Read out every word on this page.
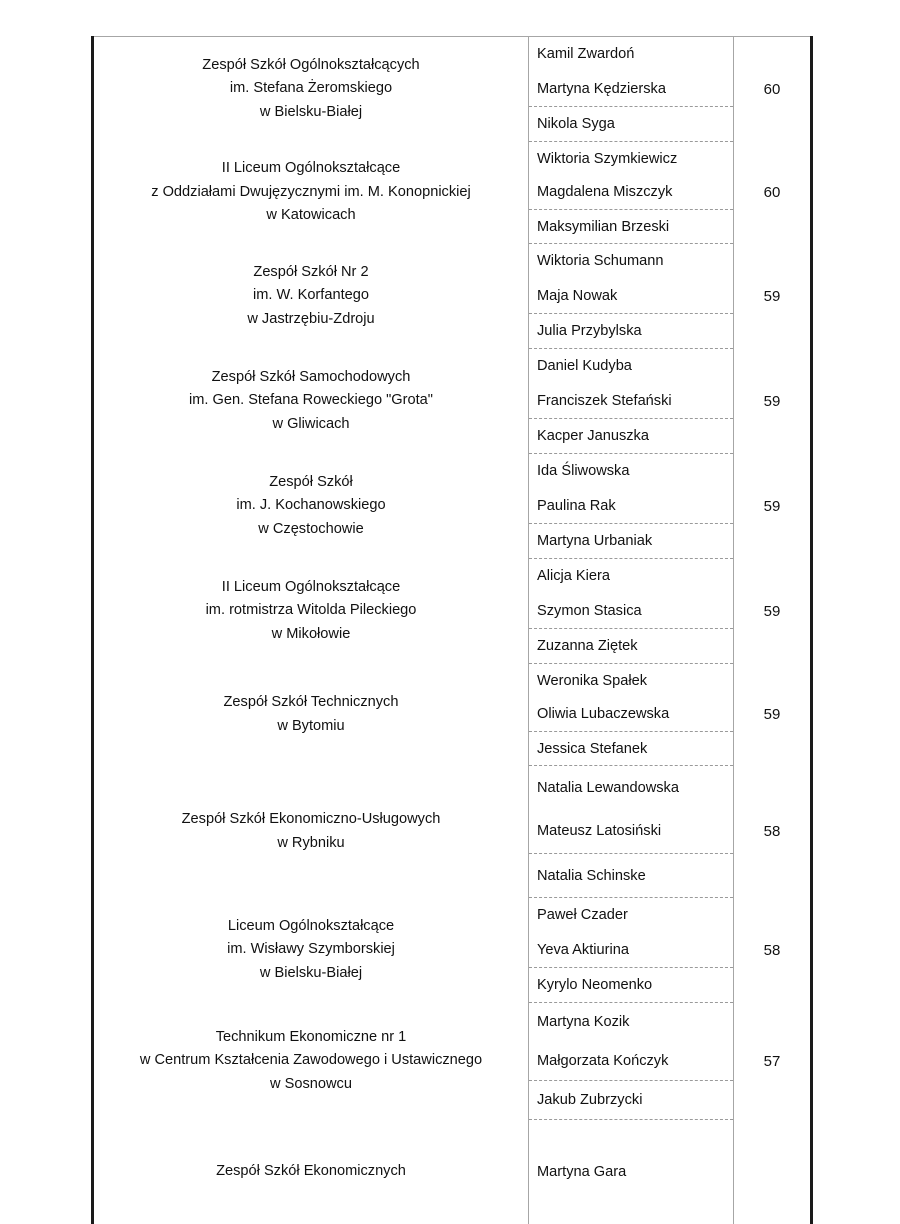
Zespół Szkół Ogólnokształcących
im. Stefana Żeromskiego
w Bielsku-Białej	Kamil Zwardoń	60
	Martyna Kędzierska	
	Nikola Syga	

II Liceum Ogólnokształcące
z Oddziałami Dwujęzycznymi im. M. Konopnickiej
w Katowicach	Wiktoria Szymkiewicz	60
	Magdalena Miszczyk	
	Maksymilian Brzeski	

Zespół Szkół Nr 2
im. W. Korfantego
w Jastrzębiu-Zdroju	Wiktoria Schumann	59
	Maja Nowak	
	Julia Przybylska	

Zespół Szkół Samochodowych
im. Gen. Stefana Roweckiego "Grota"
w Gliwicach	Daniel Kudyba	59
	Franciszek Stefański	
	Kacper Januszka	

Zespół Szkół
im. J. Kochanowskiego
w Częstochowie	Ida Śliwowska	59
	Paulina Rak	
	Martyna Urbaniak	

II Liceum Ogólnokształcące
im. rotmistrza Witolda Pileckiego
w Mikołowie	Alicja Kiera	59
	Szymon Stasica	
	Zuzanna Ziętek	

Zespół Szkół Technicznych
w Bytomiu	Weronika Spałek	59
	Oliwia Lubaczewska	
	Jessica Stefanek	

Zespół Szkół Ekonomiczno-Usługowych
w Rybniku	Natalia Lewandowska	58
	Mateusz Latosiński	
	Natalia Schinske	

Liceum Ogólnokształcące
im. Wisławy Szymborskiej
w Bielsku-Białej	Paweł Czader	58
	Yeva Aktiurina	
	Kyrylo Neomenko	

Technikum Ekonomiczne nr 1
w Centrum Kształcenia Zawodowego i Ustawicznego
w Sosnowcu	Martyna Kozik	57
	Małgorzata Kończyk	
	Jakub Zubrzycki	

Zespół Szkół Ekonomicznych	Martyna Gara	
